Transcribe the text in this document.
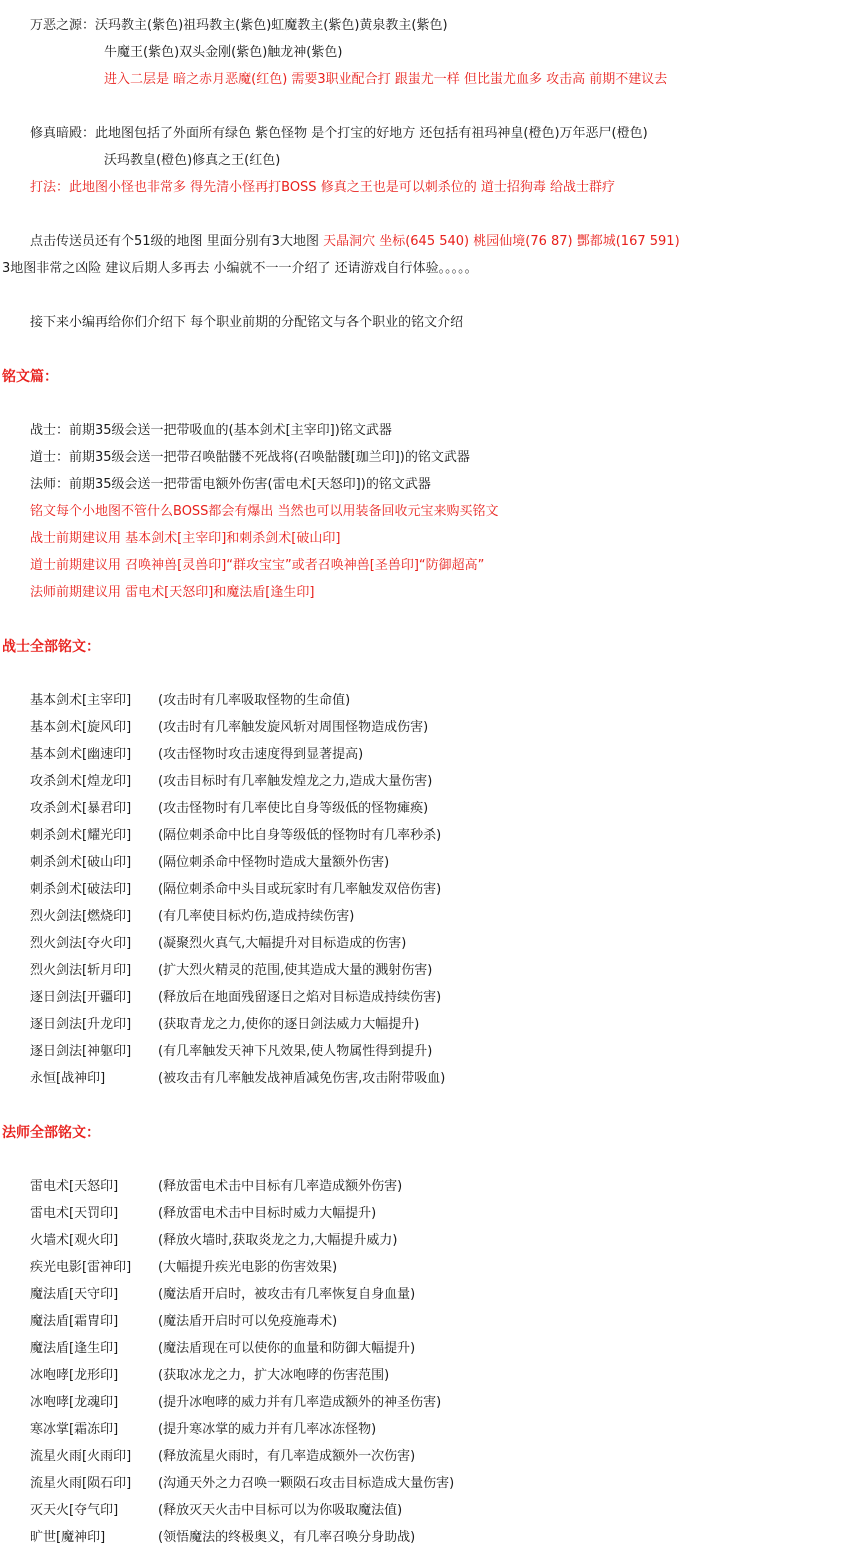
万恶之源：沃玛教主(紫色)祖玛教主(紫色)虹魔教主(紫色)黄泉教主(紫色)
牛魔王(紫色)双头金刚(紫色)触龙神(紫色)
进入二层是 暗之赤月恶魔(红色) 需要3职业配合打 跟蚩尤一样 但比蚩尤血多 攻击高 前期不建议去
修真暗殿：此地图包括了外面所有绿色 紫色怪物 是个打宝的好地方 还包括有祖玛神皇(橙色)万年恶尸(橙色)
沃玛教皇(橙色)修真之王(红色)
打法：此地图小怪也非常多 得先清小怪再打BOSS 修真之王也是可以刺杀位的 道士招狗毒 给战士群疗
点击传送员还有个51级的地图 里面分别有3大地图 天晶洞穴 坐标(645 540) 桃园仙境(76 87) 酆都城(167 591)
3地图非常之凶险 建议后期人多再去 小编就不一一介绍了 还请游戏自行体验。。。。。
接下来小编再给你们介绍下 每个职业前期的分配铭文与各个职业的铭文介绍
铭文篇：
战士：前期35级会送一把带吸血的(基本剑术[主宰印])铭文武器
道士：前期35级会送一把带召唤骷髅不死战将(召唤骷髅[珈兰印])的铭文武器
法师：前期35级会送一把带雷电额外伤害(雷电术[天怒印])的铭文武器
铭文每个小地图不管什么BOSS都会有爆出 当然也可以用装备回收元宝来购买铭文
战士前期建议用 基本剑术[主宰印]和刺杀剑术[破山印]
道士前期建议用 召唤神兽[灵兽印]“群攻宝宝”或者召唤神兽[圣兽印]“防御超高”
法师前期建议用 雷电术[天怒印]和魔法盾[逢生印]
战士全部铭文：
基本剑术[主宰印] (攻击时有几率吸取怪物的生命值)
基本剑术[旋风印] (攻击时有几率触发旋风斩对周围怪物造成伤害)
基本剑术[幽速印] (攻击怪物时攻击速度得到显著提高)
攻杀剑术[煌龙印] (攻击目标时有几率触发煌龙之力,造成大量伤害)
攻杀剑术[暴君印] (攻击怪物时有几率使比自身等级低的怪物瘫痪)
刺杀剑术[耀光印] (隔位刺杀命中比自身等级低的怪物时有几率秒杀)
刺杀剑术[破山印] (隔位刺杀命中怪物时造成大量额外伤害)
刺杀剑术[破法印] (隔位刺杀命中头目或玩家时有几率触发双倍伤害)
烈火剑法[燃烧印] (有几率使目标灼伤,造成持续伤害)
烈火剑法[夺火印] (凝聚烈火真气,大幅提升对目标造成的伤害)
烈火剑法[斩月印] (扩大烈火精灵的范围,使其造成大量的溅射伤害)
逐日剑法[开疆印] (释放后在地面残留逐日之焰对目标造成持续伤害)
逐日剑法[升龙印] (获取青龙之力,使你的逐日剑法威力大幅提升)
逐日剑法[神躯印] (有几率触发天神下凡效果,使人物属性得到提升)
永恒[战神印]	(被攻击有几率触发战神盾减免伤害,攻击附带吸血)
法师全部铭文：
雷电术[天怒印]	(释放雷电术击中目标有几率造成额外伤害)
雷电术[天罚印]	(释放雷电术击中目标时威力大幅提升)
火墙术[观火印]	(释放火墙时,获取炎龙之力,大幅提升威力)
疾光电影[雷神印] (大幅提升疾光电影的伤害效果)
魔法盾[天守印]	(魔法盾开启时，被攻击有几率恢复自身血量)
魔法盾[霜冑印]	(魔法盾开启时可以免疫施毒术)
魔法盾[逢生印]	(魔法盾现在可以使你的血量和防御大幅提升)
冰咆哮[龙形印]	(获取冰龙之力，扩大冰咆哮的伤害范围)
冰咆哮[龙魂印]	(提升冰咆哮的威力并有几率造成额外的神圣伤害)
寒冰掌[霜冻印]	(提升寒冰掌的威力并有几率冰冻怪物)
流星火雨[火雨印] (释放流星火雨时，有几率造成额外一次伤害)
流星火雨[陨石印] (沟通天外之力召唤一颗陨石攻击目标造成大量伤害)
灭天火[夺气印]	(释放灭天火击中目标可以为你吸取魔法值)
旷世[魔神印]	(领悟魔法的终极奥义，有几率召唤分身助战)
